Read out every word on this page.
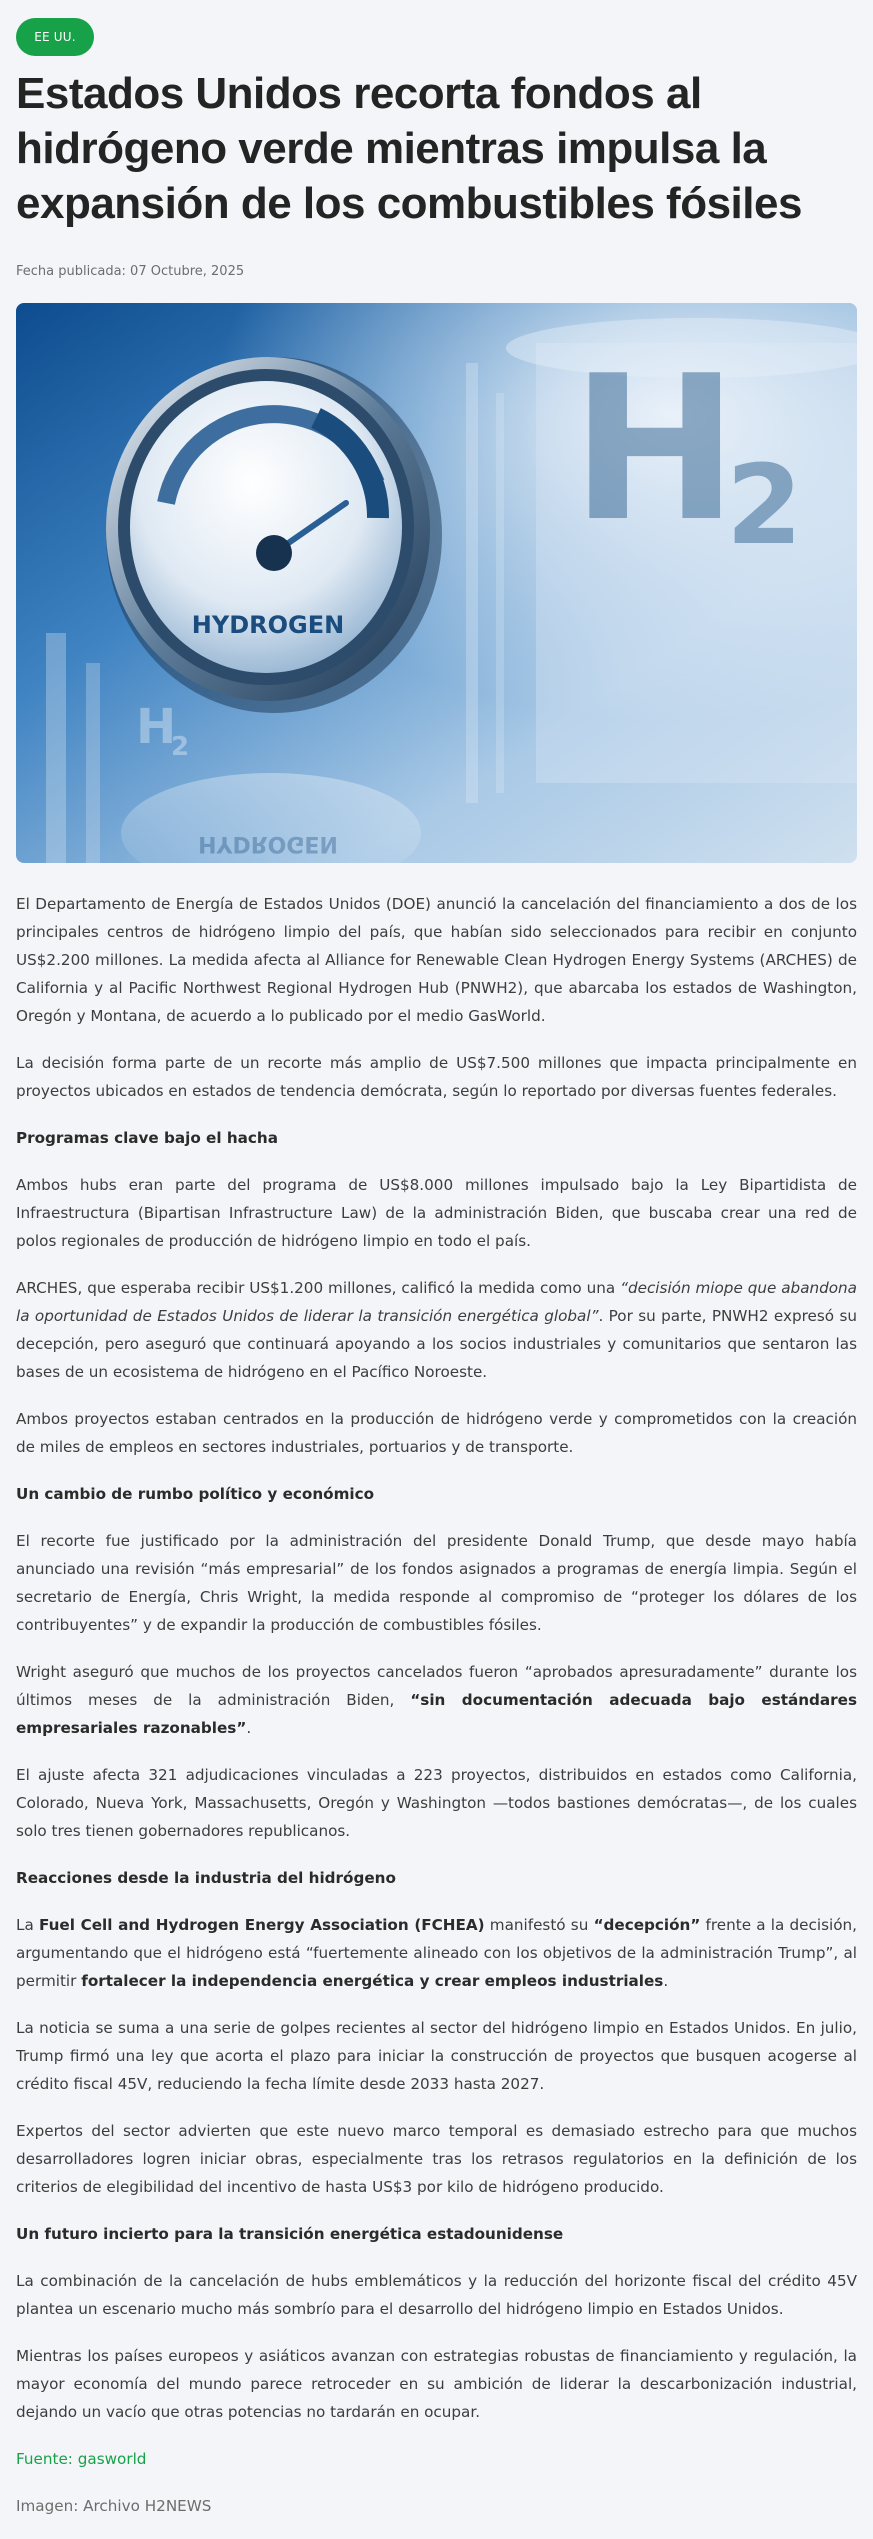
EE UU.
Estados Unidos recorta fondos al hidrógeno verde mientras impulsa la expansión de los combustibles fósiles
Fecha publicada: 07 Octubre, 2025
H
2
H
2
HYDROGEN
HYDROGEN

El Departamento de Energía de Estados Unidos (DOE) anunció la cancelación del financiamiento a dos de los principales centros de hidrógeno limpio del país, que habían sido seleccionados para recibir en conjunto US$2.200 millones. La medida afecta al Alliance for Renewable Clean Hydrogen Energy Systems (ARCHES) de California y al Pacific Northwest Regional Hydrogen Hub (PNWH2), que abarcaba los estados de Washington, Oregón y Montana, de acuerdo a lo publicado por el medio GasWorld.

La decisión forma parte de un recorte más amplio de US$7.500 millones que impacta principalmente en proyectos ubicados en estados de tendencia demócrata, según lo reportado por diversas fuentes federales.

Programas clave bajo el hacha

Ambos hubs eran parte del programa de US$8.000 millones impulsado bajo la Ley Bipartidista de Infraestructura (Bipartisan Infrastructure Law) de la administración Biden, que buscaba crear una red de polos regionales de producción de hidrógeno limpio en todo el país.

ARCHES, que esperaba recibir US$1.200 millones, calificó la medida como una “decisión miope que abandona la oportunidad de Estados Unidos de liderar la transición energética global”. Por su parte, PNWH2 expresó su decepción, pero aseguró que continuará apoyando a los socios industriales y comunitarios que sentaron las bases de un ecosistema de hidrógeno en el Pacífico Noroeste.

Ambos proyectos estaban centrados en la producción de hidrógeno verde y comprometidos con la creación de miles de empleos en sectores industriales, portuarios y de transporte.

Un cambio de rumbo político y económico

El recorte fue justificado por la administración del presidente Donald Trump, que desde mayo había anunciado una revisión “más empresarial” de los fondos asignados a programas de energía limpia. Según el secretario de Energía, Chris Wright, la medida responde al compromiso de “proteger los dólares de los contribuyentes” y de expandir la producción de combustibles fósiles.

Wright aseguró que muchos de los proyectos cancelados fueron “aprobados apresuradamente” durante los últimos meses de la administración Biden, “sin documentación adecuada bajo estándares empresariales razonables”.

El ajuste afecta 321 adjudicaciones vinculadas a 223 proyectos, distribuidos en estados como California, Colorado, Nueva York, Massachusetts, Oregón y Washington —todos bastiones demócratas—, de los cuales solo tres tienen gobernadores republicanos.

Reacciones desde la industria del hidrógeno

La Fuel Cell and Hydrogen Energy Association (FCHEA) manifestó su “decepción” frente a la decisión, argumentando que el hidrógeno está “fuertemente alineado con los objetivos de la administración Trump”, al permitir fortalecer la independencia energética y crear empleos industriales.

La noticia se suma a una serie de golpes recientes al sector del hidrógeno limpio en Estados Unidos. En julio, Trump firmó una ley que acorta el plazo para iniciar la construcción de proyectos que busquen acogerse al crédito fiscal 45V, reduciendo la fecha límite desde 2033 hasta 2027.

Expertos del sector advierten que este nuevo marco temporal es demasiado estrecho para que muchos desarrolladores logren iniciar obras, especialmente tras los retrasos regulatorios en la definición de los criterios de elegibilidad del incentivo de hasta US$3 por kilo de hidrógeno producido.

Un futuro incierto para la transición energética estadounidense

La combinación de la cancelación de hubs emblemáticos y la reducción del horizonte fiscal del crédito 45V plantea un escenario mucho más sombrío para el desarrollo del hidrógeno limpio en Estados Unidos.

Mientras los países europeos y asiáticos avanzan con estrategias robustas de financiamiento y regulación, la mayor economía del mundo parece retroceder en su ambición de liderar la descarbonización industrial, dejando un vacío que otras potencias no tardarán en ocupar.

Fuente: gasworld

Imagen: Archivo H2NEWS
